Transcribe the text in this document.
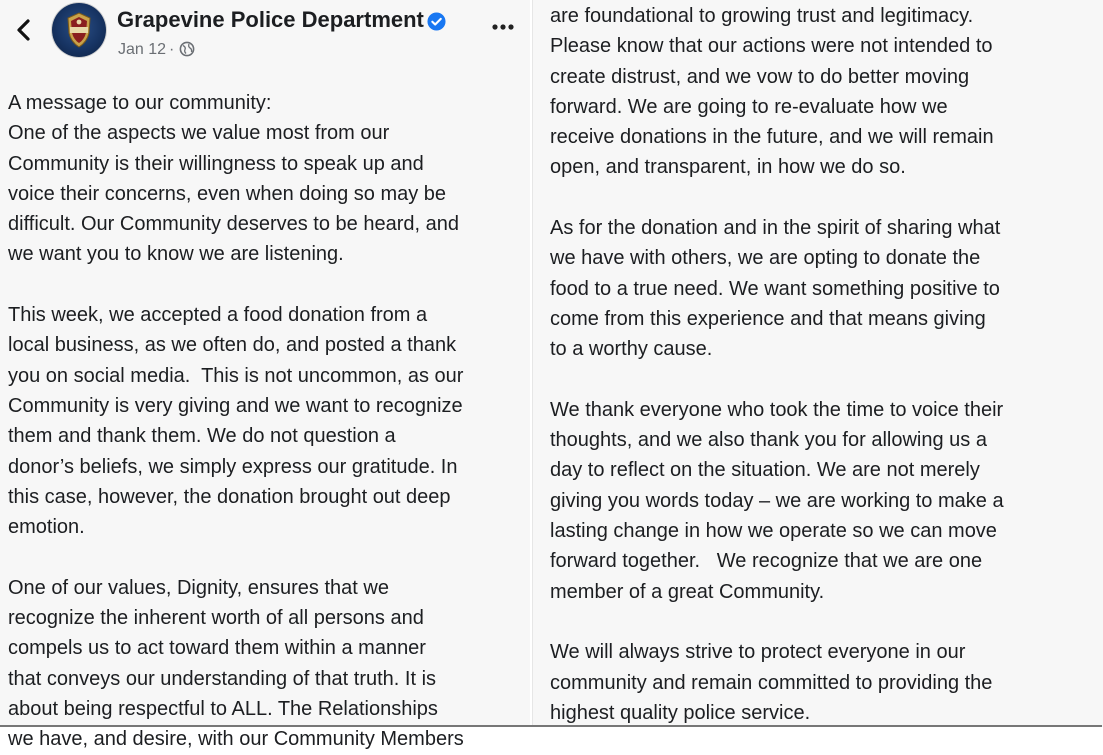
Grapevine Police Department
Jan 12 ·
A message to our community:
One of the aspects we value most from our
Community is their willingness to speak up and
voice their concerns, even when doing so may be
difficult. Our Community deserves to be heard, and
we want you to know we are listening.
This week, we accepted a food donation from a
local business, as we often do, and posted a thank
you on social media.  This is not uncommon, as our
Community is very giving and we want to recognize
them and thank them. We do not question a
donor’s beliefs, we simply express our gratitude. In
this case, however, the donation brought out deep
emotion.
One of our values, Dignity, ensures that we
recognize the inherent worth of all persons and
compels us to act toward them within a manner
that conveys our understanding of that truth. It is
about being respectful to ALL. The Relationships
we have, and desire, with our Community Members
are foundational to growing trust and legitimacy.
Please know that our actions were not intended to
create distrust, and we vow to do better moving
forward. We are going to re-evaluate how we
receive donations in the future, and we will remain
open, and transparent, in how we do so.
As for the donation and in the spirit of sharing what
we have with others, we are opting to donate the
food to a true need. We want something positive to
come from this experience and that means giving
to a worthy cause.
We thank everyone who took the time to voice their
thoughts, and we also thank you for allowing us a
day to reflect on the situation. We are not merely
giving you words today – we are working to make a
lasting change in how we operate so we can move
forward together.   We recognize that we are one
member of a great Community.
We will always strive to protect everyone in our
community and remain committed to providing the
highest quality police service.
